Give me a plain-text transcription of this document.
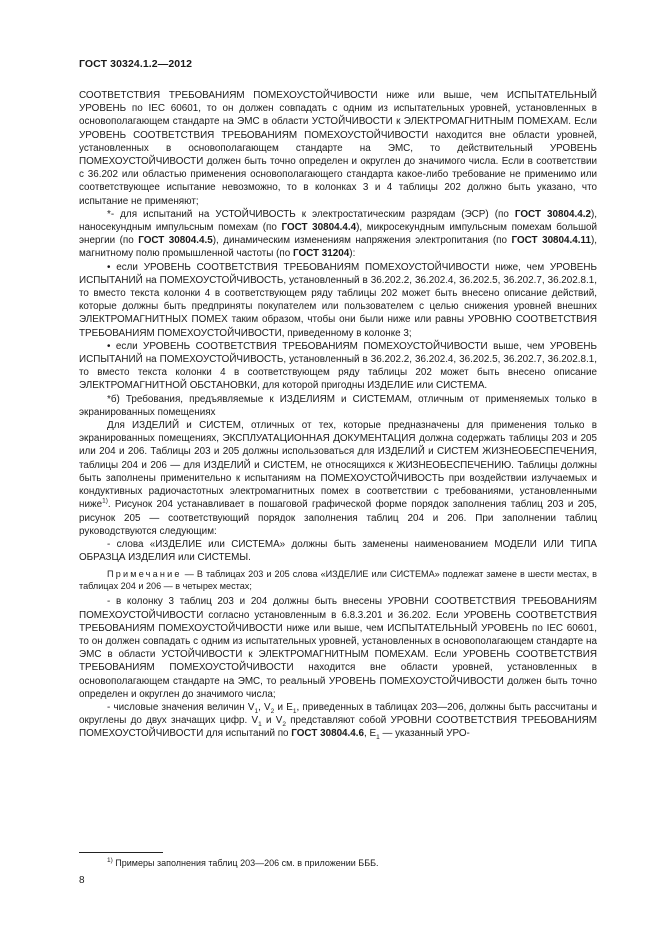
ГОСТ 30324.1.2—2012

СООТВЕТСТВИЯ ТРЕБОВАНИЯМ ПОМЕХОУСТОЙЧИВОСТИ ниже или выше, чем ИСПЫТАТЕЛЬНЫЙ УРОВЕНЬ по IEC 60601, то он должен совпадать с одним из испытательных уровней, установленных в основополагающем стандарте на ЭМС в области УСТОЙЧИВОСТИ к ЭЛЕКТРОМАГНИТНЫМ ПОМЕХАМ. Если УРОВЕНЬ СООТВЕТСТВИЯ ТРЕБОВАНИЯМ ПОМЕХОУСТОЙЧИВОСТИ находится вне области уровней, установленных в основополагающем стандарте на ЭМС, то действительный УРОВЕНЬ ПОМЕХОУСТОЙЧИВОСТИ должен быть точно определен и округлен до значимого числа. Если в соответствии с 36.202 или областью применения основополагающего стандарта какое-либо требование не применимо или соответствующее испытание невозможно, то в колонках 3 и 4 таблицы 202 должно быть указано, что испытание не применяют;

*- для испытаний на УСТОЙЧИВОСТЬ к электростатическим разрядам (ЭСР) (по ГОСТ 30804.4.2), наносекундным импульсным помехам (по ГОСТ 30804.4.4), микросекундным импульсным помехам большой энергии (по ГОСТ 30804.4.5), динамическим изменениям напряжения электропитания (по ГОСТ 30804.4.11), магнитному полю промышленной частоты (по ГОСТ 31204):

• если УРОВЕНЬ СООТВЕТСТВИЯ ТРЕБОВАНИЯМ ПОМЕХОУСТОЙЧИВОСТИ ниже, чем УРОВЕНЬ ИСПЫТАНИЙ на ПОМЕХОУСТОЙЧИВОСТЬ, установленный в 36.202.2, 36.202.4, 36.202.5, 36.202.7, 36.202.8.1, то вместо текста колонки 4 в соответствующем ряду таблицы 202 может быть внесено описание действий, которые должны быть предприняты покупателем или пользователем с целью снижения уровней внешних ЭЛЕКТРОМАГНИТНЫХ ПОМЕХ таким образом, чтобы они были ниже или равны УРОВНЮ СООТВЕТСТВИЯ ТРЕБОВАНИЯМ ПОМЕХОУСТОЙЧИВОСТИ, приведенному в колонке 3;

• если УРОВЕНЬ СООТВЕТСТВИЯ ТРЕБОВАНИЯМ ПОМЕХОУСТОЙЧИВОСТИ выше, чем УРОВЕНЬ ИСПЫТАНИЙ на ПОМЕХОУСТОЙЧИВОСТЬ, установленный в 36.202.2, 36.202.4, 36.202.5, 36.202.7, 36.202.8.1, то вместо текста колонки 4 в соответствующем ряду таблицы 202 может быть внесено описание ЭЛЕКТРОМАГНИТНОЙ ОБСТАНОВКИ, для которой пригодны ИЗДЕЛИЕ или СИСТЕМА.

*б) Требования, предъявляемые к ИЗДЕЛИЯМ и СИСТЕМАМ, отличным от применяемых только в экранированных помещениях

Для ИЗДЕЛИЙ и СИСТЕМ, отличных от тех, которые предназначены для применения только в экранированных помещениях, ЭКСПЛУАТАЦИОННАЯ ДОКУМЕНТАЦИЯ должна содержать таблицы 203 и 205 или 204 и 206. Таблицы 203 и 205 должны использоваться для ИЗДЕЛИЙ и СИСТЕМ ЖИЗНЕОБЕСПЕЧЕНИЯ, таблицы 204 и 206 — для ИЗДЕЛИЙ и СИСТЕМ, не относящихся к ЖИЗНЕОБЕСПЕЧЕНИЮ. Таблицы должны быть заполнены применительно к испытаниям на ПОМЕХОУСТОЙЧИВОСТЬ при воздействии излучаемых и кондуктивных радиочастотных электромагнитных помех в соответствии с требованиями, установленными ниже$^{1)}$. Рисунок 204 устанавливает в пошаговой графической форме порядок заполнения таблиц 203 и 205, рисунок 205 — соответствующий порядок заполнения таблиц 204 и 206. При заполнении таблиц руководствуются следующим:

- слова «ИЗДЕЛИЕ или СИСТЕМА» должны быть заменены наименованием МОДЕЛИ ИЛИ ТИПА ОБРАЗЦА ИЗДЕЛИЯ или СИСТЕМЫ.

Примечание — В таблицах 203 и 205 слова «ИЗДЕЛИЕ или СИСТЕМА» подлежат замене в шести местах, в таблицах 204 и 206 — в четырех местах;

- в колонку 3 таблиц 203 и 204 должны быть внесены УРОВНИ СООТВЕТСТВИЯ ТРЕБОВАНИЯМ ПОМЕХОУСТОЙЧИВОСТИ согласно установленным в 6.8.3.201 и 36.202. Если УРОВЕНЬ СООТВЕТСТВИЯ ТРЕБОВАНИЯМ ПОМЕХОУСТОЙЧИВОСТИ ниже или выше, чем ИСПЫТАТЕЛЬНЫЙ УРОВЕНЬ по IEC 60601, то он должен совпадать с одним из испытательных уровней, установленных в основополагающем стандарте на ЭМС в области УСТОЙЧИВОСТИ к ЭЛЕКТРОМАГНИТНЫМ ПОМЕХАМ. Если УРОВЕНЬ СООТВЕТСТВИЯ ТРЕБОВАНИЯМ ПОМЕХОУСТОЙЧИВОСТИ находится вне области уровней, установленных в основополагающем стандарте на ЭМС, то реальный УРОВЕНЬ ПОМЕХОУСТОЙЧИВОСТИ должен быть точно определен и округлен до значимого числа;

- числовые значения величин $V_1$, $V_2$ и $E_1$, приведенных в таблицах 203—206, должны быть рассчитаны и округлены до двух значащих цифр. $V_1$ и $V_2$ представляют собой УРОВНИ СООТВЕТСТВИЯ ТРЕБОВАНИЯМ ПОМЕХОУСТОЙЧИВОСТИ для испытаний по ГОСТ 30804.4.6, $E_1$ — указанный УРО-

$^{1)}$ Примеры заполнения таблиц 203—206 см. в приложении БББ.
8
